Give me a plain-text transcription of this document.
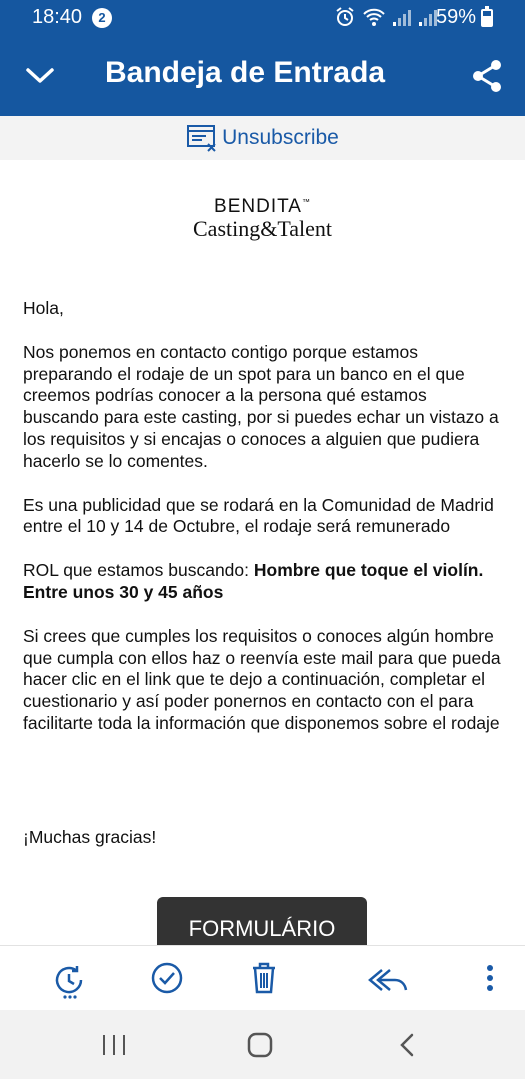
18:40	2	59%
Bandeja de Entrada
Unsubscribe
BENDITA™
Casting&Talent

Hola,

Nos ponemos en contacto contigo porque estamos preparando el rodaje de un spot para un banco en el que creemos podrías conocer a la persona qué estamos buscando para este casting, por si puedes echar un vistazo a los requisitos y si encajas o conoces a alguien que pudiera hacerlo se lo comentes.

Es una publicidad que se rodará en la Comunidad de Madrid entre el 10 y 14 de Octubre, el rodaje será remunerado

ROL que estamos buscando: Hombre que toque el violín. Entre unos 30 y 45 años

Si crees que cumples los requisitos o conoces algún hombre que cumpla con ellos haz o reenvía este mail para que pueda hacer clic en el link que te dejo a continuación, completar el cuestionario y así poder ponernos en contacto con el para facilitarte toda la información que disponemos sobre el rodaje

¡Muchas gracias!
FORMULÁRIO
